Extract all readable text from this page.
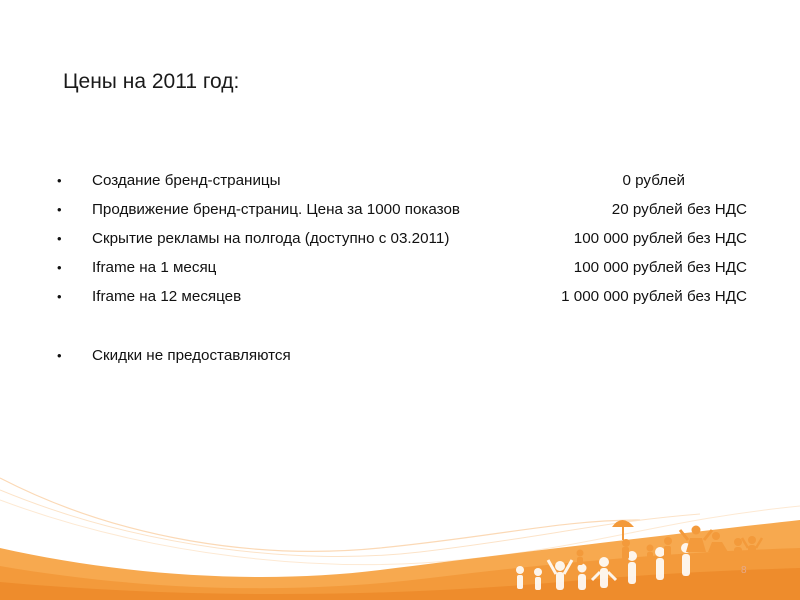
Цены на 2011 год:
• Создание бренд-страницы	0 рублей
• Продвижение бренд-страниц. Цена за 1000 показов	20 рублей без НДС
• Скрытие рекламы на полгода (доступно с 03.2011)	100 000 рублей без НДС
• Iframe на 1 месяц	100 000 рублей без НДС
• Iframe на 12 месяцев	1 000 000 рублей без НДС
• Скидки не предоставляются
8
